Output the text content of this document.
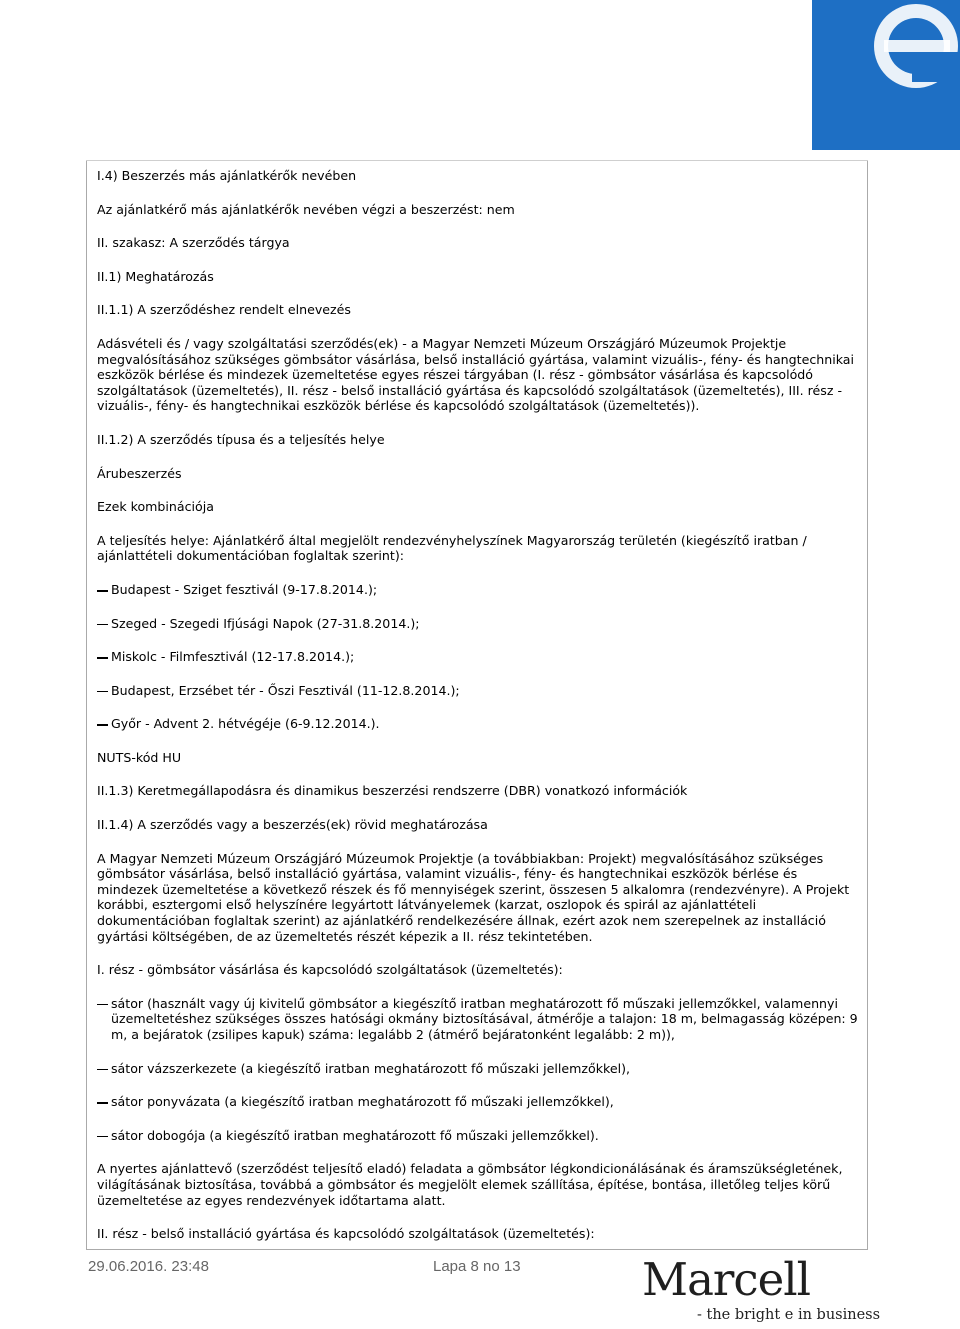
I.4) Beszerzés más ajánlatkérők nevében

Az ajánlatkérő más ajánlatkérők nevében végzi a beszerzést: nem

II. szakasz: A szerződés tárgya

II.1) Meghatározás

II.1.1) A szerződéshez rendelt elnevezés

Adásvételi és / vagy szolgáltatási szerződés(ek) - a Magyar Nemzeti Múzeum Országjáró Múzeumok Projektje megvalósításához szükséges gömbsátor vásárlása, belső installáció gyártása, valamint vizuális-, fény- és hangtechnikai eszközök bérlése és mindezek üzemeltetése egyes részei tárgyában (I. rész - gömbsátor vásárlása és kapcsolódó szolgáltatások (üzemeltetés), II. rész - belső installáció gyártása és kapcsolódó szolgáltatások (üzemeltetés), III. rész - vizuális-, fény- és hangtechnikai eszközök bérlése és kapcsolódó szolgáltatások (üzemeltetés)).

II.1.2) A szerződés típusa és a teljesítés helye

Árubeszerzés

Ezek kombinációja

A teljesítés helye: Ajánlatkérő által megjelölt rendezvényhelyszínek Magyarország területén (kiegészítő iratban / ajánlattételi dokumentációban foglaltak szerint):

Budapest - Sziget fesztivál (9-17.8.2014.);

Szeged - Szegedi Ifjúsági Napok (27-31.8.2014.);

Miskolc - Filmfesztivál (12-17.8.2014.);

Budapest, Erzsébet tér - Őszi Fesztivál (11-12.8.2014.);

Győr - Advent 2. hétvégéje (6-9.12.2014.).

NUTS-kód HU

II.1.3) Keretmegállapodásra és dinamikus beszerzési rendszerre (DBR) vonatkozó információk

II.1.4) A szerződés vagy a beszerzés(ek) rövid meghatározása

A Magyar Nemzeti Múzeum Országjáró Múzeumok Projektje (a továbbiakban: Projekt) megvalósításához szükséges gömbsátor vásárlása, belső installáció gyártása, valamint vizuális-, fény- és hangtechnikai eszközök bérlése és mindezek üzemeltetése a következő részek és fő mennyiségek szerint, összesen 5 alkalomra (rendezvényre). A Projekt korábbi, esztergomi első helyszínére legyártott látványelemek (karzat, oszlopok és spirál az ajánlattételi dokumentációban foglaltak szerint) az ajánlatkérő rendelkezésére állnak, ezért azok nem szerepelnek az installáció gyártási költségében, de az üzemeltetés részét képezik a II. rész tekintetében.

I. rész - gömbsátor vásárlása és kapcsolódó szolgáltatások (üzemeltetés):

sátor (használt vagy új kivitelű gömbsátor a kiegészítő iratban meghatározott fő műszaki jellemzőkkel, valamennyi üzemeltetéshez szükséges összes hatósági okmány biztosításával, átmérője a talajon: 18 m, belmagasság középen: 9 m, a bejáratok (zsilipes kapuk) száma: legalább 2 (átmérő bejáratonként legalább: 2 m)),

sátor vázszerkezete (a kiegészítő iratban meghatározott fő műszaki jellemzőkkel),

sátor ponyvázata (a kiegészítő iratban meghatározott fő műszaki jellemzőkkel),

sátor dobogója (a kiegészítő iratban meghatározott fő műszaki jellemzőkkel).

A nyertes ajánlattevő (szerződést teljesítő eladó) feladata a gömbsátor légkondicionálásának és áramszükségletének, világításának biztosítása, továbbá a gömbsátor és megjelölt elemek szállítása, építése, bontása, illetőleg teljes körű üzemeltetése az egyes rendezvények időtartama alatt.

II. rész - belső installáció gyártása és kapcsolódó szolgáltatások (üzemeltetés):

29.06.2016. 23:48	Lapa 8 no 13	Marcell
- the bright e in business
